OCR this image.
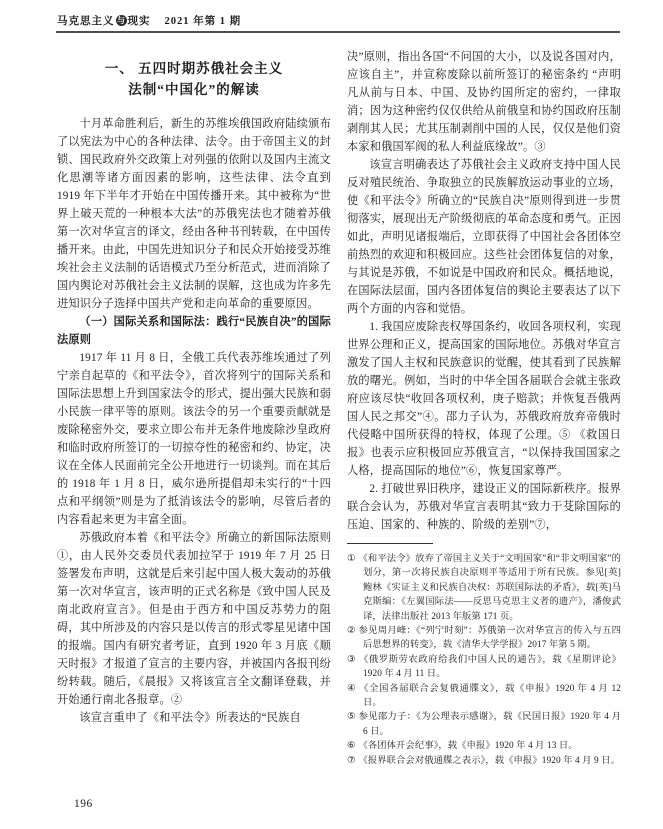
马克思主义 与 现实 2021 年第 1 期
一、 五四时期苏俄社会主义
法制“中国化”的解读

十月革命胜利后，新生的苏维埃俄国政府陆续颁布了以宪法为中心的各种法律、法令。由于帝国主义的封锁、国民政府外交政策上对列强的依附以及国内主流文化思潮等诸方面因素的影响，这些法律、法令直到 1919 年下半年才开始在中国传播开来。其中被称为“世界上破天荒的一种根本大法”的苏俄宪法也才随着苏俄第一次对华宣言的译文，经由各种书刊转载，在中国传播开来。由此，中国先进知识分子和民众开始接受苏维埃社会主义法制的话语模式乃至分析范式，进而消除了国内舆论对苏俄社会主义法制的误解，这也成为许多先进知识分子选择中国共产党和走向革命的重要原因。

（一）国际关系和国际法：践行“民族自决”的国际法原则

1917 年 11 月 8 日，全俄工兵代表苏维埃通过了列宁亲自起草的《和平法令》，首次将列宁的国际关系和国际法思想上升到国家法令的形式，提出强大民族和弱小民族一律平等的原则。该法令的另一个重要贡献就是废除秘密外交，要求立即公布并无条件地废除沙皇政府和临时政府所签订的一切掠夺性的秘密和约、协定，决议在全体人民面前完全公开地进行一切谈判。而在其后的 1918 年 1 月 8 日，威尔逊所提倡却未实行的“十四点和平纲领”则是为了抵消该法令的影响，尽管后者的内容看起来更为丰富全面。

苏俄政府本着《和平法令》所确立的新国际法原则①，由人民外交委员代表加拉罕于 1919 年 7 月 25 日签署发布声明，这就是后来引起中国人极大轰动的苏俄第一次对华宣言，该声明的正式名称是《致中国人民及南北政府宣言》。但是由于西方和中国反苏势力的阻碍，其中所涉及的内容只是以传言的形式零星见诸中国的报端。国内有研究者考证，直到 1920 年 3 月底《顺天时报》才报道了宣言的主要内容，并被国内各报刊纷纷转载。随后，《晨报》又将该宣言全文翻译登载，并开始通行南北各报章。②

该宣言重申了《和平法令》所表达的“民族自

决”原则，指出各国“不问国的大小，以及说各国对内，应该自主”，并宣称废除以前所签订的秘密条约 “声明凡从前与日本、中国、及协约国所定的密约，一律取消；因为这种密约仅仅供给从前俄皇和协约国政府压制剥削其人民；尤其压制剥削中国的人民，仅仅是他们资本家和俄国军阀的私人利益底缘故”。③

该宣言明确表达了苏俄社会主义政府支持中国人民反对殖民统治、争取独立的民族解放运动事业的立场，使《和平法令》所确立的“民族自决”原则得到进一步贯彻落实，展现出无产阶级彻底的革命态度和勇气。正因如此，声明见诸报端后，立即获得了中国社会各团体空前热烈的欢迎和积极回应。这些社会团体复信的对象，与其说是苏俄，不如说是中国政府和民众。概括地说，在国际法层面，国内各团体复信的舆论主要表达了以下两个方面的内容和觉悟。

1. 我国应废除丧权辱国条约，收回各项权利，实现世界公理和正义，提高国家的国际地位。苏俄对华宣言激发了国人主权和民族意识的觉醒，使其看到了民族解放的曙光。例如，当时的中华全国各届联合会就主张政府应该尽快“收回各项权利，庚子赔款；并恢复吾俄两国人民之邦交”④。邵力子认为，苏俄政府放弃帝俄时代侵略中国所获得的特权，体现了公理。⑤ 《救国日报》也表示应积极回应苏俄宣言，“以保持我国国家之人格，提高国际的地位”⑥，恢复国家尊严。

2. 打破世界旧秩序，建设正义的国际新秩序。报界联合会认为，苏俄对华宣言表明其“致力于芟除国际的压迫、国家的、种族的、阶级的差别”⑦，

① 《和平法令》放弃了帝国主义关于“文明国家”和“非文明国家”的划分，第一次将民族自决原则平等适用于所有民族。参见[英]鲍林《实证主义和民族自决权：苏联国际法的矛盾》，载[英]马克斯编：《左翼国际法——反思马克思主义者的遗产》，潘俊武译，法律出版社 2013 年版第 171 页。

② 参见周月峰：《“列宁时刻”：苏俄第一次对华宣言的传入与五四后思想界的转变》，载《清华大学学报》2017 年第 5 期。

③ 《俄罗斯劳农政府给我们中国人民的通告》，载《星期评论》1920 年 4 月 11 日。

④ 《全国各届联合会复俄通牒文》，载《申报》1920 年 4 月 12 日。

⑤ 参见邵力子：《为公理表示感谢》，载《民国日报》1920 年 4 月 6 日。

⑥ 《各团体开会纪事》，载《申报》1920 年 4 月 13 日。

⑦ 《报界联合会对俄通牒之表示》，载《申报》1920 年 4 月 9 日。

196
